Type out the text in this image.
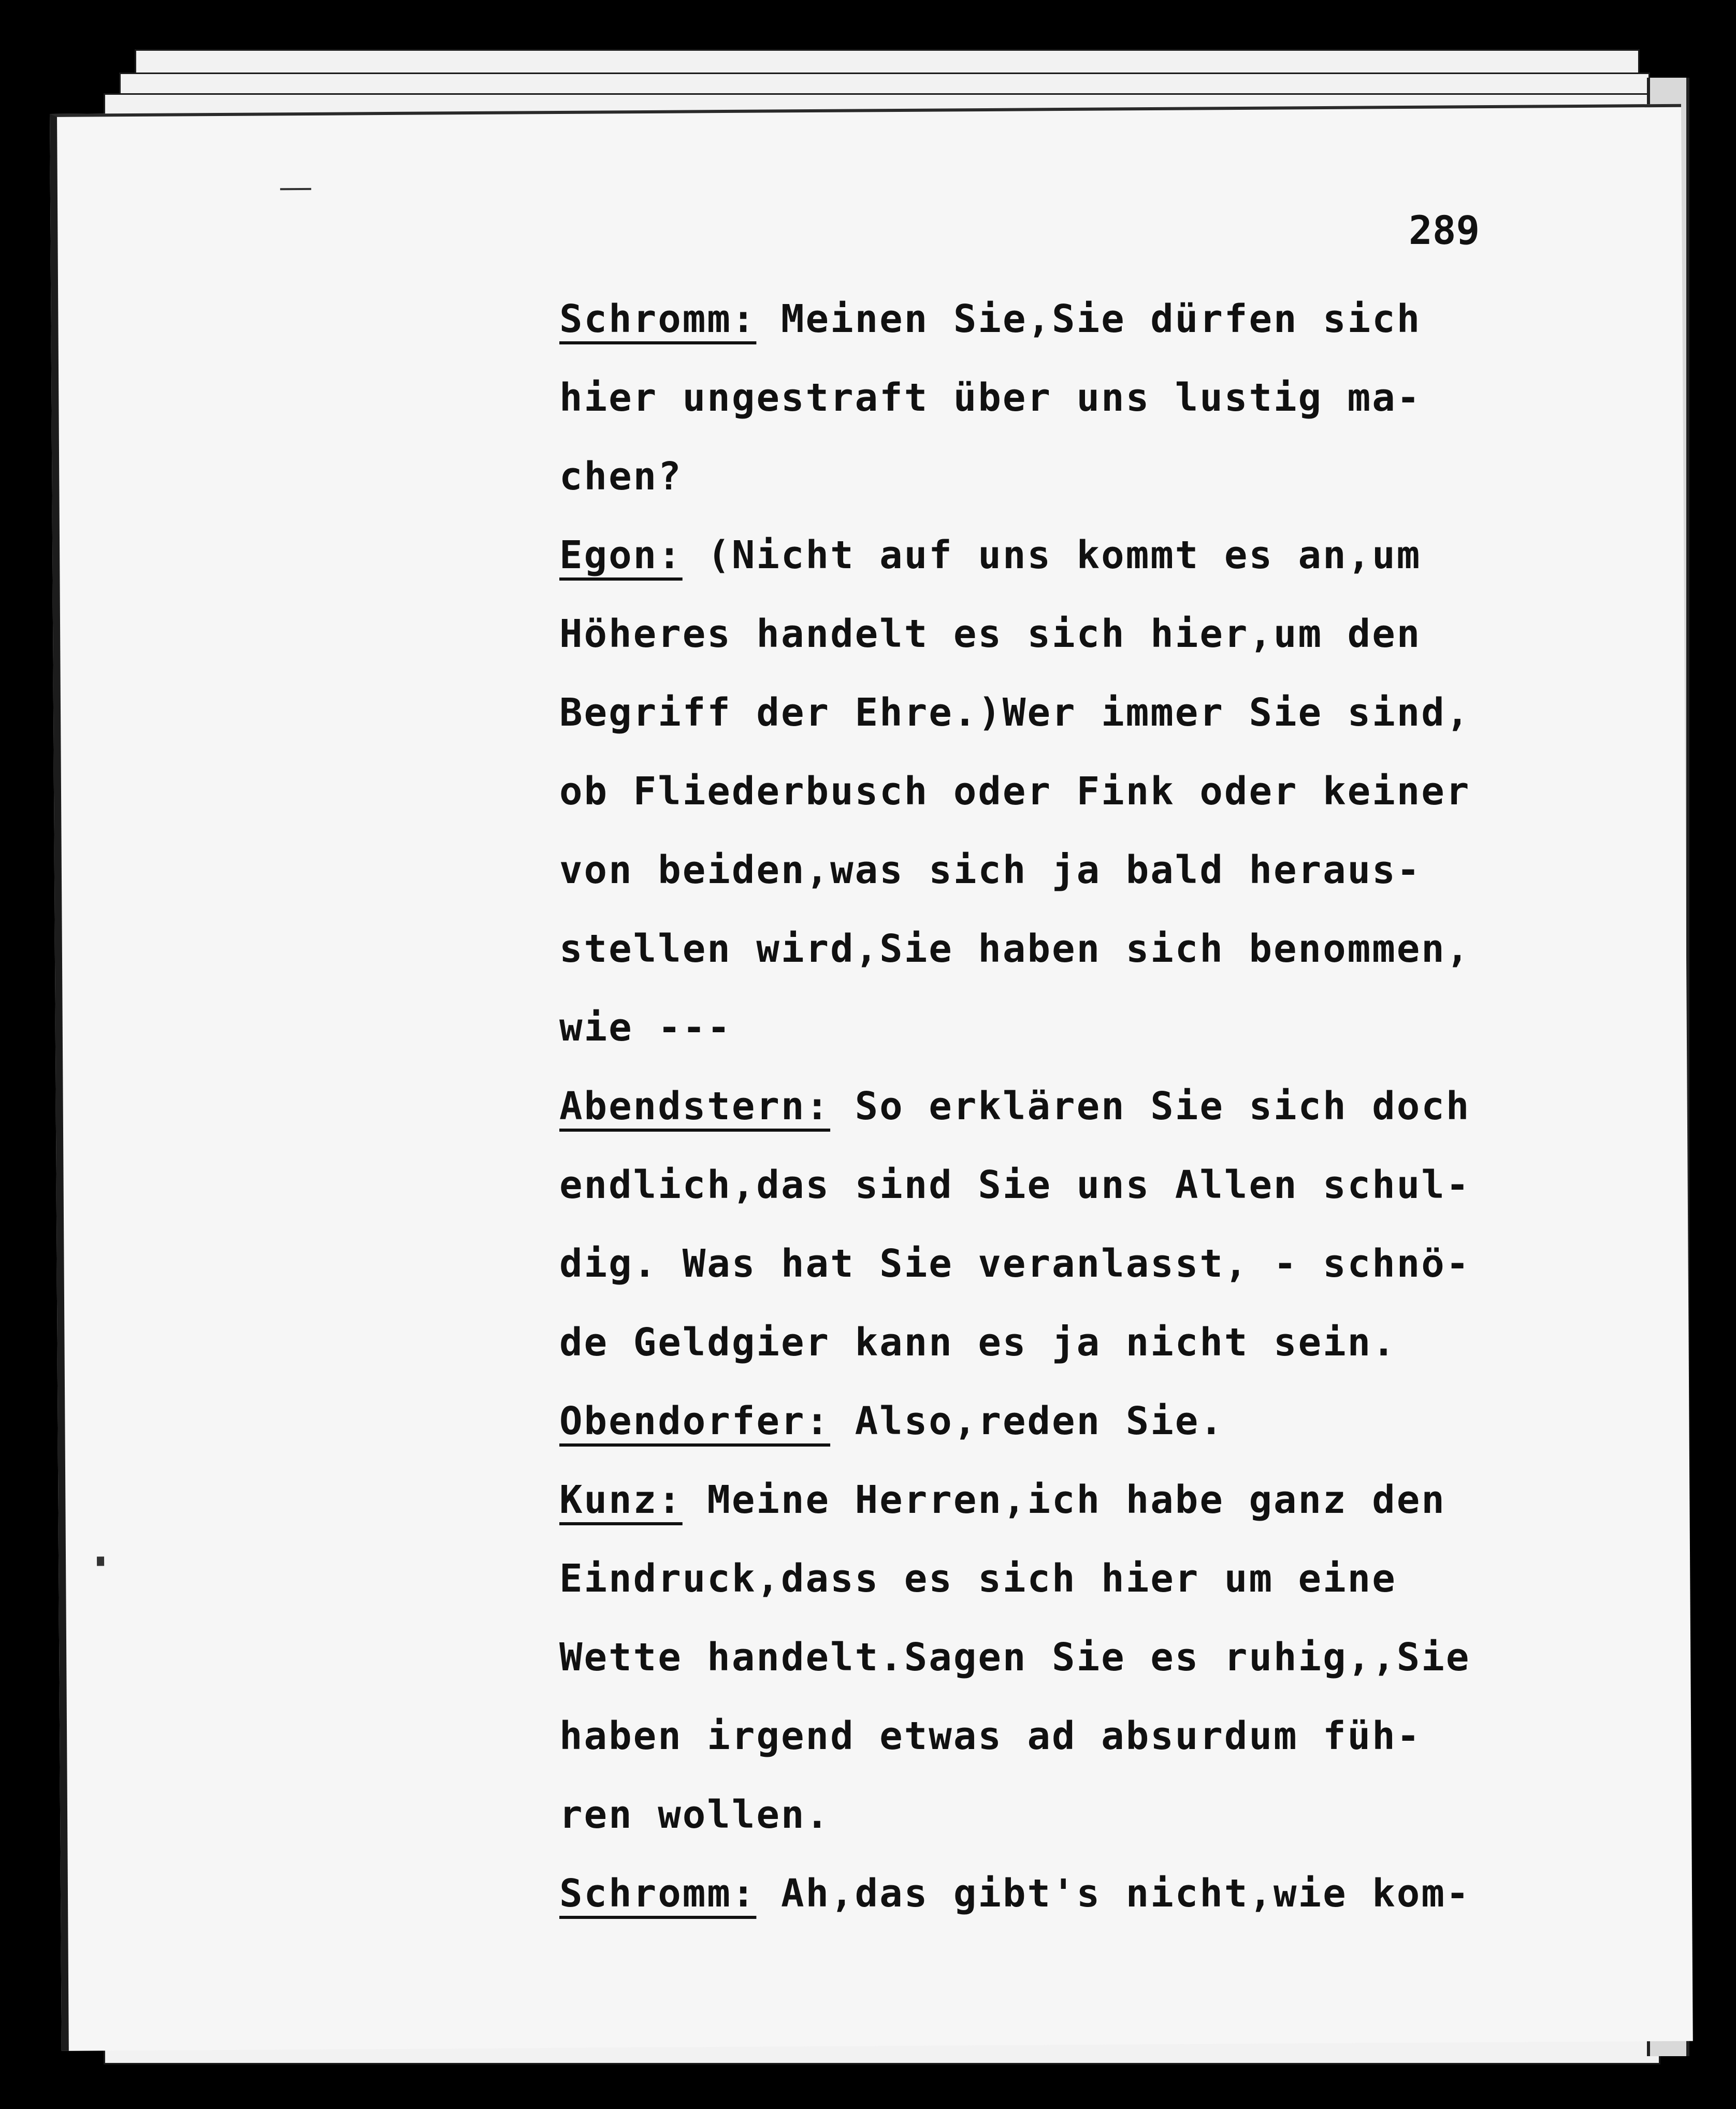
289
Schromm: Meinen Sie,Sie dürfen sich
hier ungestraft über uns lustig ma-
chen?
Egon: (Nicht auf uns kommt es an,um
Höheres handelt es sich hier,um den
Begriff der Ehre.)Wer immer Sie sind,
ob Fliederbusch oder Fink oder keiner
von beiden,was sich ja bald heraus-
stellen wird,Sie haben sich benommen,
wie ---
Abendstern: So erklären Sie sich doch
endlich,das sind Sie uns Allen schul-
dig. Was hat Sie veranlasst, - schnö-
de Geldgier kann es ja nicht sein.
Obendorfer: Also,reden Sie.
Kunz: Meine Herren,ich habe ganz den
Eindruck,dass es sich hier um eine
Wette handelt.Sagen Sie es ruhig,,Sie
haben irgend etwas ad absurdum füh-
ren wollen.
Schromm: Ah,das gibt's nicht,wie kom-
